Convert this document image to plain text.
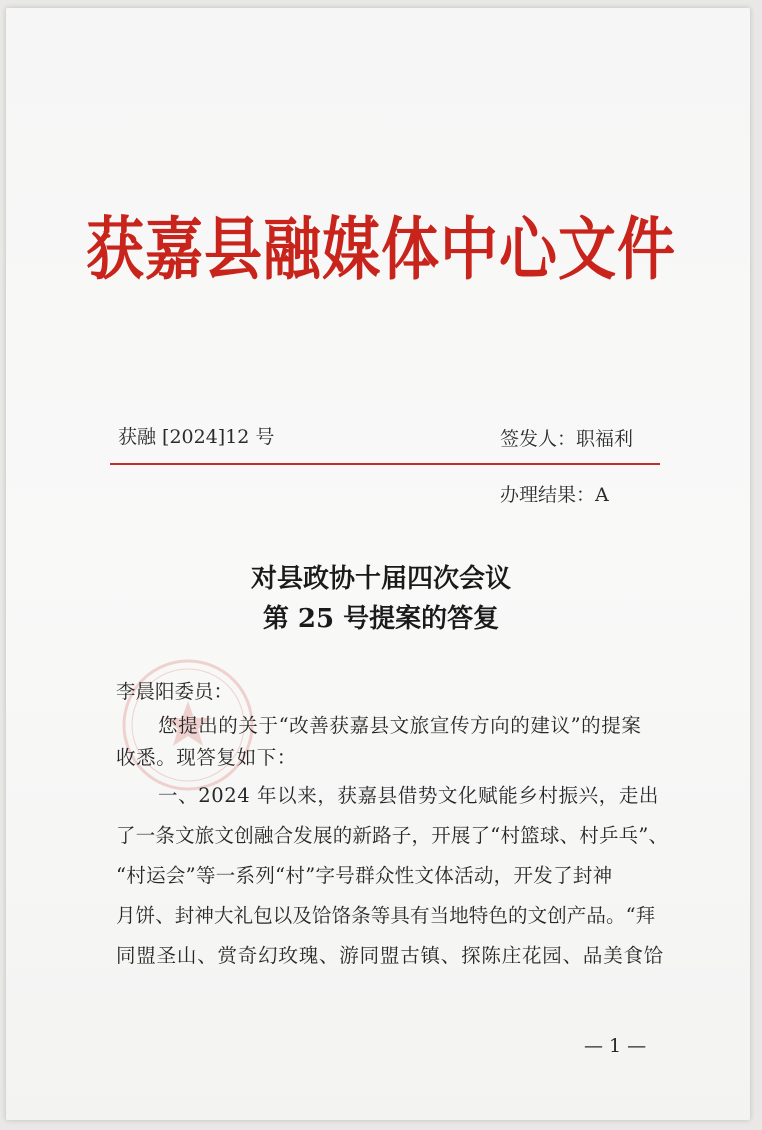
获嘉县融媒体中心文件
获融 [2024]12 号	签发人：职福利
办理结果：A
对县政协十届四次会议
第 25 号提案的答复
李晨阳委员：
您提出的关于“改善获嘉县文旅宣传方向的建议”的提案
收悉。现答复如下：
一、2024 年以来，获嘉县借势文化赋能乡村振兴，走出
了一条文旅文创融合发展的新路子，开展了“村篮球、村乒乓”、
“村运会”等一系列“村”字号群众性文体活动，开发了封神
月饼、封神大礼包以及饸饹条等具有当地特色的文创产品。“拜
同盟圣山、赏奇幻玫瑰、游同盟古镇、探陈庄花园、品美食饸
— 1 —
